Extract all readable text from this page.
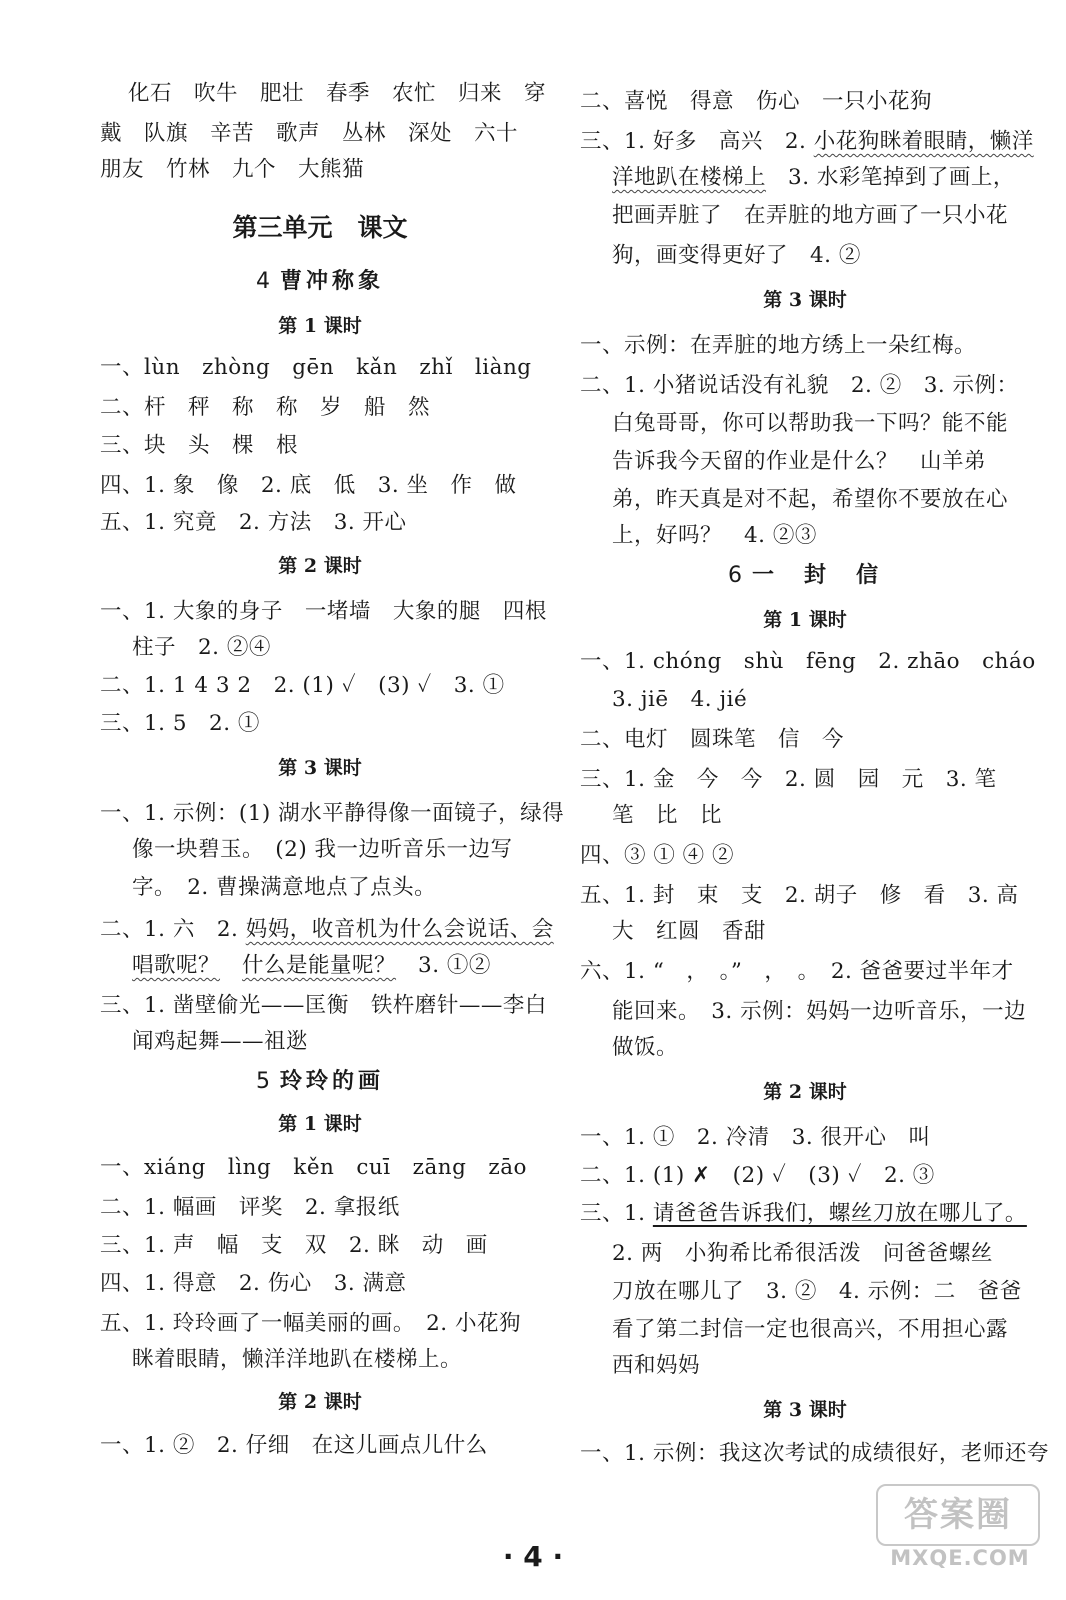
化石　吹牛　肥壮　春季　农忙　归来　穿
戴　队旗　辛苦　歌声　丛林　深处　六十
朋友　竹林　九个　大熊猫
第三单元　课文
4 曹冲称象
第 1 课时
一、lùn　zhòng　gēn　kǎn　zhǐ　liàng
二、杆　秤　称　称　岁　船　然
三、块　头　棵　根
四、1. 象　像　2. 底　低　3. 坐　作　做
五、1. 究竟　2. 方法　3. 开心
第 2 课时
一、1. 大象的身子　一堵墙　大象的腿　四根
柱子　2. ②④
二、1. 1 4 3 2　2. (1) ✓　(3) ✓　3. ①
三、1. 5　2. ①
第 3 课时
一、1. 示例：(1) 湖水平静得像一面镜子，绿得
像一块碧玉。　(2) 我一边听音乐一边写
字。　2. 曹操满意地点了点头。
二、1. 六　2. 妈妈，收音机为什么会说话、会
唱歌呢？　 什么是能量呢？　3. ①②
三、1. 凿壁偷光——匡衡　铁杵磨针——李白
闻鸡起舞——祖逖
5 玲玲的画
第 1 课时
一、xiáng　lìng　kěn　cuī　zāng　zāo
二、1. 幅画　评奖　2. 拿报纸
三、1. 声　幅　支　双　2. 眯　动　画
四、1. 得意　2. 伤心　3. 满意
五、1. 玲玲画了一幅美丽的画。　2. 小花狗
眯着眼睛，懒洋洋地趴在楼梯上。
第 2 课时
一、1. ②　2. 仔细　在这儿画点儿什么
二、喜悦　得意　伤心　一只小花狗
三、1. 好多　高兴　2. 小花狗眯着眼睛，懒洋
洋地趴在楼梯上　3. 水彩笔掉到了画上，
把画弄脏了　在弄脏的地方画了一只小花
狗，画变得更好了　4. ②
第 3 课时
一、示例：在弄脏的地方绣上一朵红梅。
二、1. 小猪说话没有礼貌　2. ②　3. 示例：
白兔哥哥，你可以帮助我一下吗？能不能
告诉我今天留的作业是什么？　山羊弟
弟，昨天真是对不起，希望你不要放在心
上，好吗？　4. ②③
6 一　封　信
第 1 课时
一、1. chóng　shù　fēng　2. zhāo　cháo
3. jiē　4. jié
二、电灯　圆珠笔　信　今
三、1. 金　今　今　2. 圆　园　元　3. 笔
笔　比　比
四、③ ① ④ ②
五、1. 封　束　支　2. 胡子　修　看　3. 高
大　红圆　香甜
六、1. “　，　。”　，　。　2. 爸爸要过半年才
能回来。　3. 示例：妈妈一边听音乐，一边
做饭。
第 2 课时
一、1. ①　2. 冷清　3. 很开心　叫
二、1. (1) ✗　(2) ✓　(3) ✓　2. ③
三、1. 请爸爸告诉我们，螺丝刀放在哪儿了。
2. 两　小狗希比希很活泼　问爸爸螺丝
刀放在哪儿了　3. ②　4. 示例：二　爸爸
看了第二封信一定也很高兴，不用担心露
西和妈妈
第 3 课时
一、1. 示例：我这次考试的成绩很好，老师还夸
· 4 ·
答案圈
MXQE.COM
